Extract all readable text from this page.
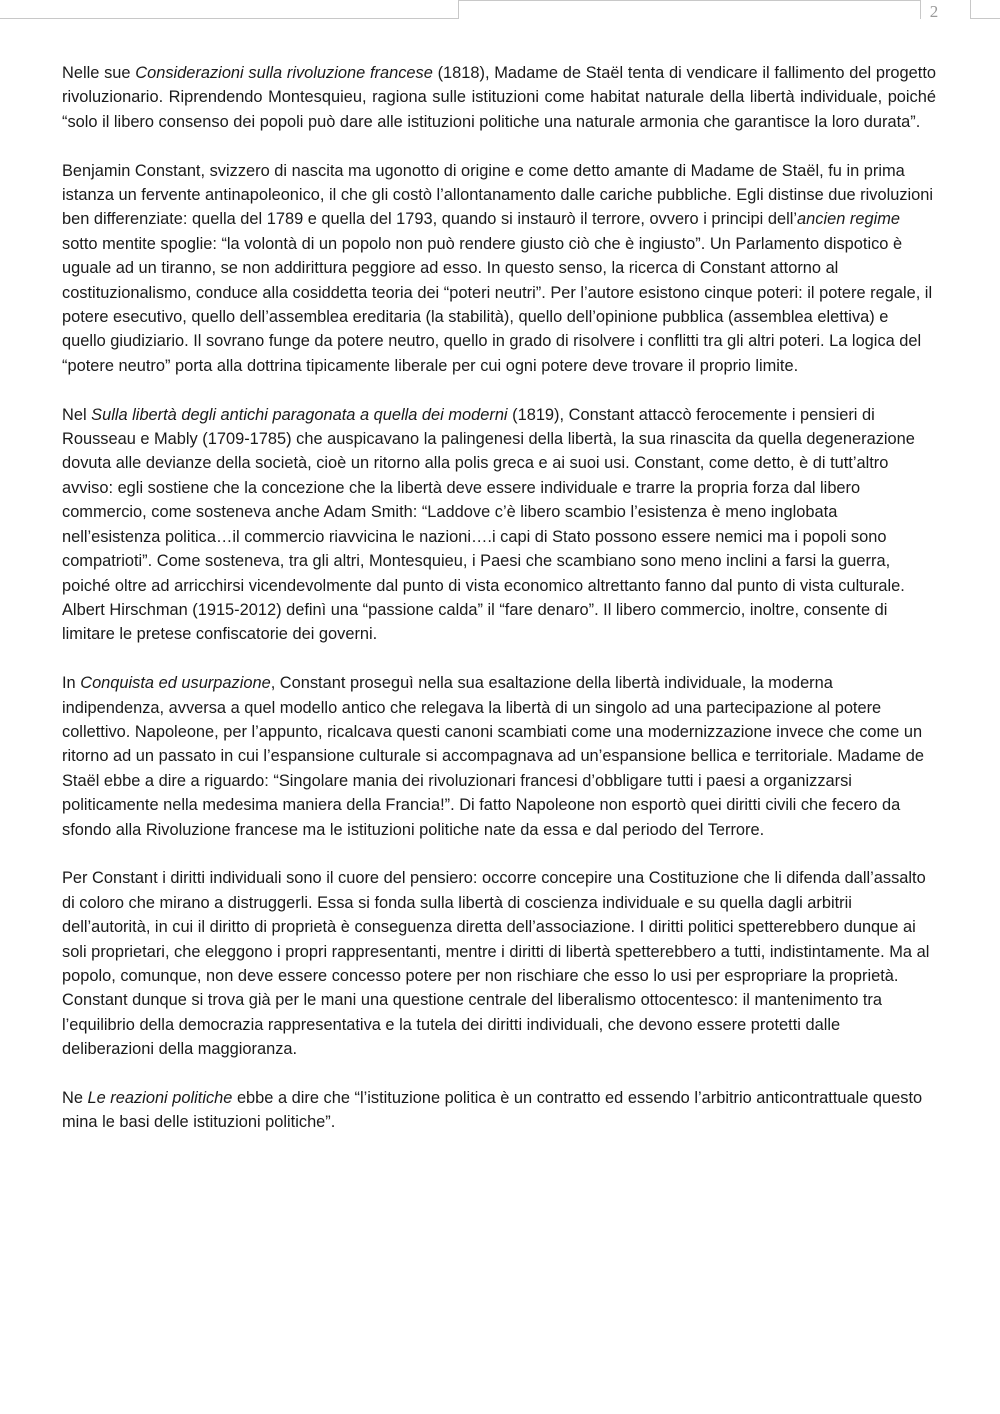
2

Nelle sue Considerazioni sulla rivoluzione francese (1818), Madame de Staël tenta di vendicare il fallimento del progetto rivoluzionario. Riprendendo Montesquieu, ragiona sulle istituzioni come habitat naturale della libertà individuale, poiché “solo il libero consenso dei popoli può dare alle istituzioni politiche una naturale armonia che garantisce la loro durata”.

Benjamin Constant, svizzero di nascita ma ugonotto di origine e come detto amante di Madame de Staël, fu in prima istanza un fervente antinapoleonico, il che gli costò l’allontanamento dalle cariche pubbliche. Egli distinse due rivoluzioni ben differenziate: quella del 1789 e quella del 1793, quando si instaurò il terrore, ovvero i principi dell’ancien regime sotto mentite spoglie: “la volontà di un popolo non può rendere giusto ciò che è ingiusto”. Un Parlamento dispotico è uguale ad un tiranno, se non addirittura peggiore ad esso. In questo senso, la ricerca di Constant attorno al costituzionalismo, conduce alla cosiddetta teoria dei “poteri neutri”. Per l’autore esistono cinque poteri: il potere regale, il potere esecutivo, quello dell’assemblea ereditaria (la stabilità), quello dell’opinione pubblica (assemblea elettiva) e quello giudiziario. Il sovrano funge da potere neutro, quello in grado di risolvere i conflitti tra gli altri poteri. La logica del “potere neutro” porta alla dottrina tipicamente liberale per cui ogni potere deve trovare il proprio limite.

Nel Sulla libertà degli antichi paragonata a quella dei moderni (1819), Constant attaccò ferocemente i pensieri di Rousseau e Mably (1709-1785) che auspicavano la palingenesi della libertà, la sua rinascita da quella degenerazione dovuta alle devianze della società, cioè un ritorno alla polis greca e ai suoi usi. Constant, come detto, è di tutt’altro avviso: egli sostiene che la concezione che la libertà deve essere individuale e trarre la propria forza dal libero commercio, come sosteneva anche Adam Smith: “Laddove c’è libero scambio l’esistenza è meno inglobata nell’esistenza politica…il commercio riavvicina le nazioni….i capi di Stato possono essere nemici ma i popoli sono compatrioti”. Come sosteneva, tra gli altri, Montesquieu, i Paesi che scambiano sono meno inclini a farsi la guerra, poiché oltre ad arricchirsi vicendevolmente dal punto di vista economico altrettanto fanno dal punto di vista culturale. Albert Hirschman (1915-2012) definì una “passione calda” il “fare denaro”. Il libero commercio, inoltre, consente di limitare le pretese confiscatorie dei governi.

In Conquista ed usurpazione, Constant proseguì nella sua esaltazione della libertà individuale, la moderna indipendenza, avversa a quel modello antico che relegava la libertà di un singolo ad una partecipazione al potere collettivo. Napoleone, per l’appunto, ricalcava questi canoni scambiati come una modernizzazione invece che come un ritorno ad un passato in cui l’espansione culturale si accompagnava ad un’espansione bellica e territoriale. Madame de Staël ebbe a dire a riguardo: “Singolare mania dei rivoluzionari francesi d’obbligare tutti i paesi a organizzarsi politicamente nella medesima maniera della Francia!”. Di fatto Napoleone non esportò quei diritti civili che fecero da sfondo alla Rivoluzione francese ma le istituzioni politiche nate da essa e dal periodo del Terrore.

Per Constant i diritti individuali sono il cuore del pensiero: occorre concepire una Costituzione che li difenda dall’assalto di coloro che mirano a distruggerli. Essa si fonda sulla libertà di coscienza individuale e su quella dagli arbitrii dell’autorità, in cui il diritto di proprietà è conseguenza diretta dell’associazione. I diritti politici spetterebbero dunque ai soli proprietari, che eleggono i propri rappresentanti, mentre i diritti di libertà spetterebbero a tutti, indistintamente. Ma al popolo, comunque, non deve essere concesso potere per non rischiare che esso lo usi per espropriare la proprietà. Constant dunque si trova già per le mani una questione centrale del liberalismo ottocentesco: il mantenimento tra l’equilibrio della democrazia rappresentativa e la tutela dei diritti individuali, che devono essere protetti dalle deliberazioni della maggioranza.

Ne Le reazioni politiche ebbe a dire che “l’istituzione politica è un contratto ed essendo l’arbitrio anticontrattuale questo mina le basi delle istituzioni politiche”.
